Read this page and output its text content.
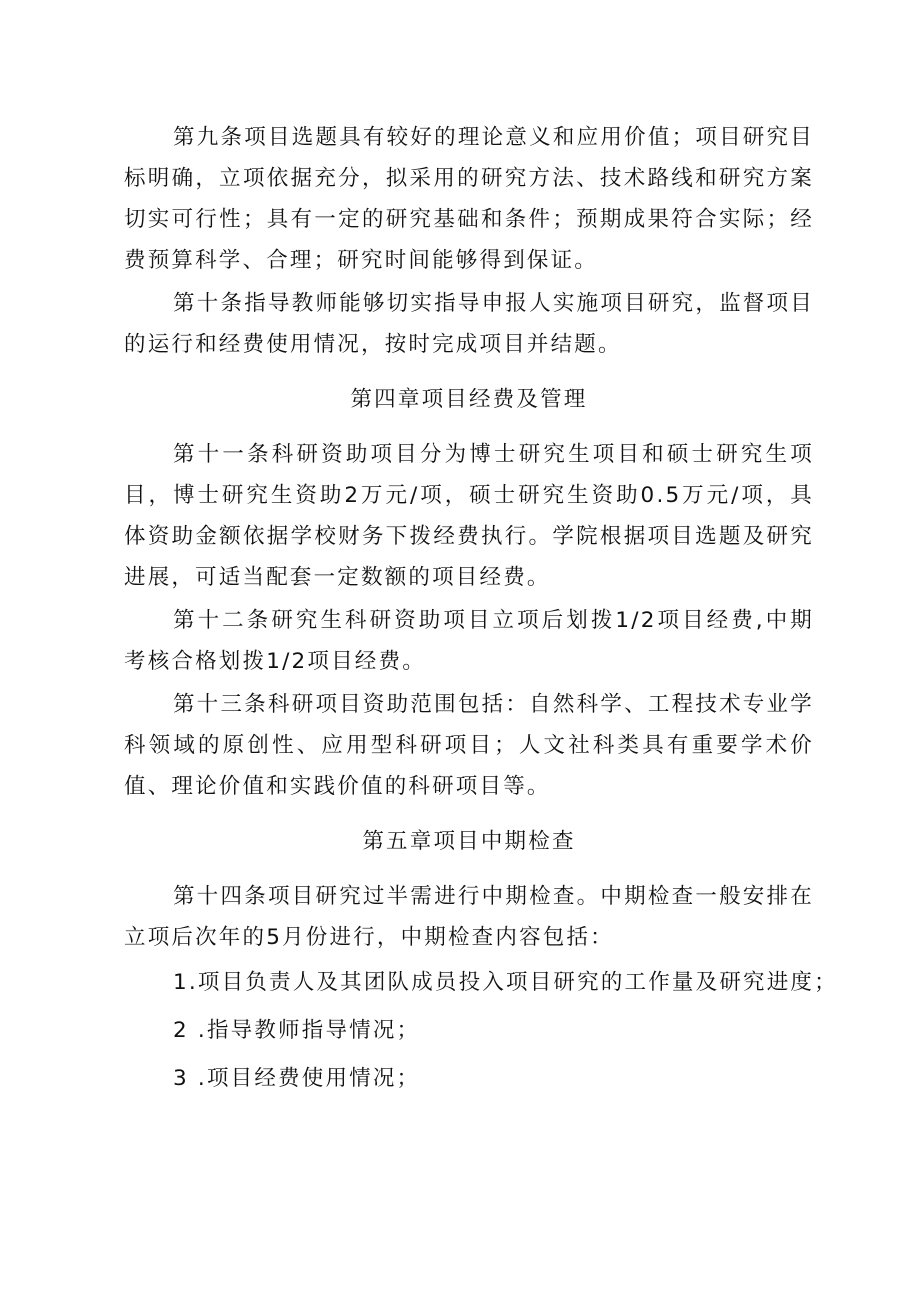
第九条项目选题具有较好的理论意义和应用价值；项目研究目标明确，立项依据充分，拟采用的研究方法、技术路线和研究方案切实可行性；具有一定的研究基础和条件；预期成果符合实际；经费预算科学、合理；研究时间能够得到保证。

第十条指导教师能够切实指导申报人实施项目研究，监督项目的运行和经费使用情况，按时完成项目并结题。

第四章项目经费及管理

第十一条科研资助项目分为博士研究生项目和硕士研究生项目，博士研究生资助2万元/项，硕士研究生资助0.5万元/项，具体资助金额依据学校财务下拨经费执行。学院根据项目选题及研究进展，可适当配套一定数额的项目经费。

第十二条研究生科研资助项目立项后划拨1/2项目经费,中期考核合格划拨1/2项目经费。

第十三条科研项目资助范围包括：自然科学、工程技术专业学科领域的原创性、应用型科研项目；人文社科类具有重要学术价值、理论价值和实践价值的科研项目等。

第五章项目中期检查

第十四条项目研究过半需进行中期检查。中期检查一般安排在立项后次年的5月份进行，中期检查内容包括：

1.项目负责人及其团队成员投入项目研究的工作量及研究进度；

2 .指导教师指导情况；

3 .项目经费使用情况；
